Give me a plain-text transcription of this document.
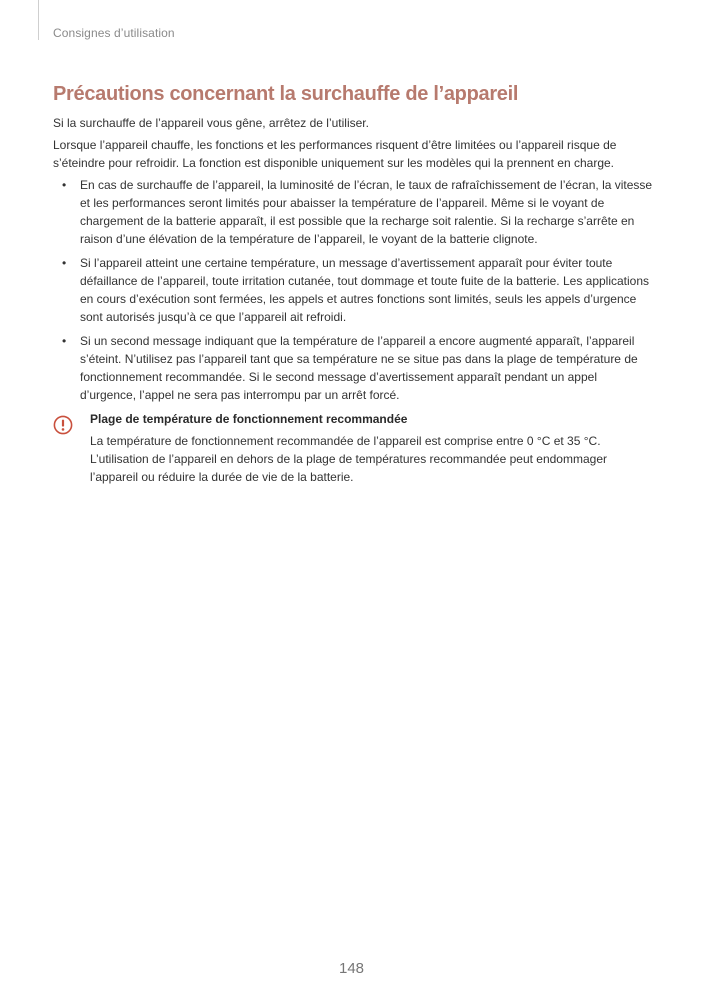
Consignes d’utilisation
Précautions concernant la surchauffe de l’appareil

Si la surchauffe de l’appareil vous gêne, arrêtez de l’utiliser.

Lorsque l’appareil chauffe, les fonctions et les performances risquent d’être limitées ou l’appareil risque de s’éteindre pour refroidir. La fonction est disponible uniquement sur les modèles qui la prennent en charge.

• En cas de surchauffe de l’appareil, la luminosité de l’écran, le taux de rafraîchissement de l’écran, la vitesse et les performances seront limités pour abaisser la température de l’appareil. Même si le voyant de chargement de la batterie apparaît, il est possible que la recharge soit ralentie. Si la recharge s’arrête en raison d’une élévation de la température de l’appareil, le voyant de la batterie clignote.
• Si l’appareil atteint une certaine température, un message d’avertissement apparaît pour éviter toute défaillance de l’appareil, toute irritation cutanée, tout dommage et toute fuite de la batterie. Les applications en cours d’exécution sont fermées, les appels et autres fonctions sont limités, seuls les appels d’urgence sont autorisés jusqu’à ce que l’appareil ait refroidi.
• Si un second message indiquant que la température de l’appareil a encore augmenté apparaît, l’appareil s’éteint. N’utilisez pas l’appareil tant que sa température ne se situe pas dans la plage de température de fonctionnement recommandée. Si le second message d’avertissement apparaît pendant un appel d’urgence, l’appel ne sera pas interrompu par un arrêt forcé.
Plage de température de fonctionnement recommandée
La température de fonctionnement recommandée de l’appareil est comprise entre 0 °C et 35 °C. L’utilisation de l’appareil en dehors de la plage de températures recommandée peut endommager l’appareil ou réduire la durée de vie de la batterie.
148
